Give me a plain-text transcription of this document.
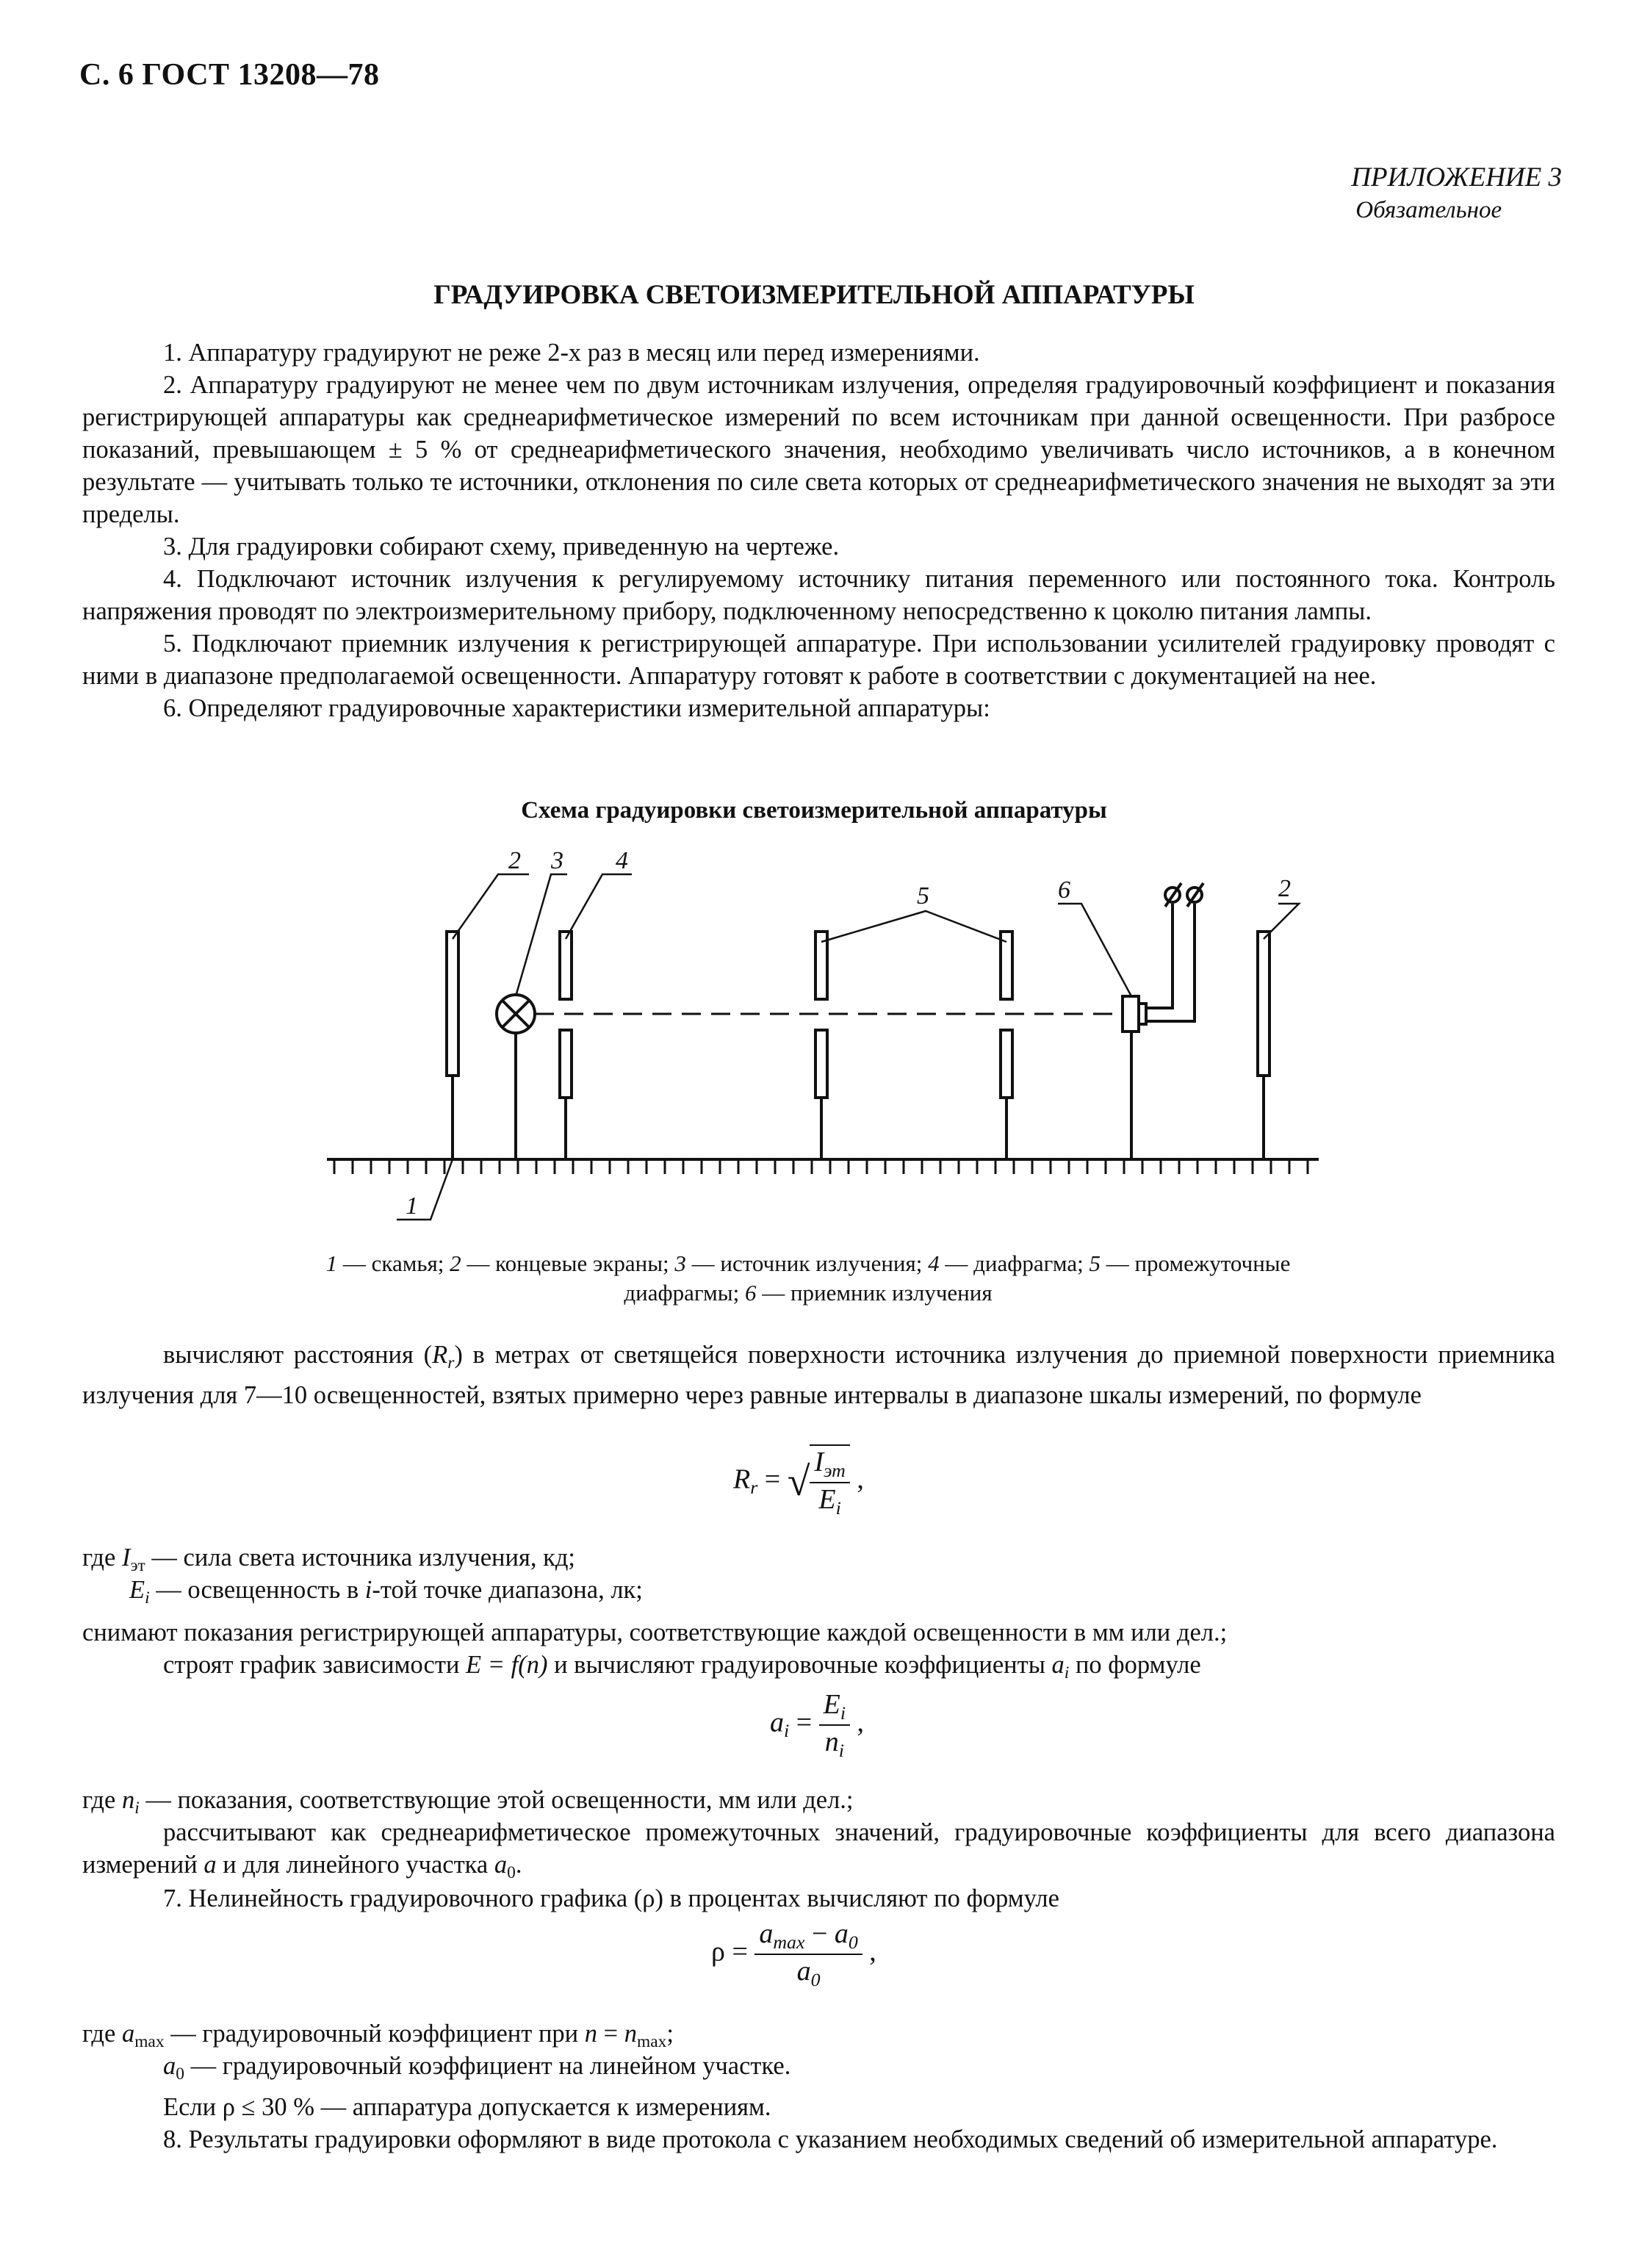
С. 6 ГОСТ 13208—78
ПРИЛОЖЕНИЕ 3
Обязательное
ГРАДУИРОВКА СВЕТОИЗМЕРИТЕЛЬНОЙ АППАРАТУРЫ

1. Аппаратуру градуируют не реже 2-х раз в месяц или перед измерениями.

2. Аппаратуру градуируют не менее чем по двум источникам излучения, определяя градуировочный коэффициент и показания регистрирующей аппаратуры как среднеарифметическое измерений по всем источникам при данной освещенности. При разбросе показаний, превышающем ± 5 % от среднеарифметического значения, необходимо увеличивать число источников, а в конечном результате — учитывать только те источники, отклонения по силе света которых от среднеарифметического значения не выходят за эти пределы.

3. Для градуировки собирают схему, приведенную на чертеже.

4. Подключают источник излучения к регулируемому источнику питания переменного или постоянного тока. Контроль напряжения проводят по электроизмерительному прибору, подключенному непосредственно к цоколю питания лампы.

5. Подключают приемник излучения к регистрирующей аппаратуре. При использовании усилителей градуировку проводят с ними в диапазоне предполагаемой освещенности. Аппаратуру готовят к работе в соответствии с документацией на нее.

6. Определяют градуировочные характеристики измерительной аппаратуры:

Схема градуировки светоизмерительной аппаратуры
2 3 4
5	6	2
1
1 — скамья; 2 — концевые экраны; 3 — источник излучения; 4 — диафрагма; 5 — промежуточные диафрагмы; 6 — приемник излучения

вычисляют расстояния $(R_r)$ в метрах от светящейся поверхности источника излучения до приемной поверхности приемника излучения для 7—10 освещенностей, взятых примерно через равные интервалы в диапазоне шкалы измерений, по формуле

$R_r$ = √ $\frac{I_{эт}}{E_i}$ ,
где $I_{эт}$ — сила света источника излучения, кд;
$E_i$ — освещенность в i-той точке диапазона, лк;
снимают показания регистрирующей аппаратуры, соответствующие каждой освещенности в мм или дел.;
строят график зависимости E = f(n) и вычисляют градуировочные коэффициенты $a_i$ по формуле
$a_i = \frac{E_i}{n_i}$ ,
где $n_i$ — показания, соответствующие этой освещенности, мм или дел.;
рассчитывают как среднеарифметическое промежуточных значений, градуировочные коэффициенты для всего диапазона измерений a и для линейного участка $a_0$.
7. Нелинейность градуировочного графика (ρ) в процентах вычисляют по формуле
$\rho = \frac{a_{max} - a_0}{a_0}$ ,
где $a_{max}$ — градуировочный коэффициент при $n = n_{max}$;
$a_0$ — градуировочный коэффициент на линейном участке.
Если ρ ≤ 30 % — аппаратура допускается к измерениям.
8. Результаты градуировки оформляют в виде протокола с указанием необходимых сведений об измерительной аппаратуре.
